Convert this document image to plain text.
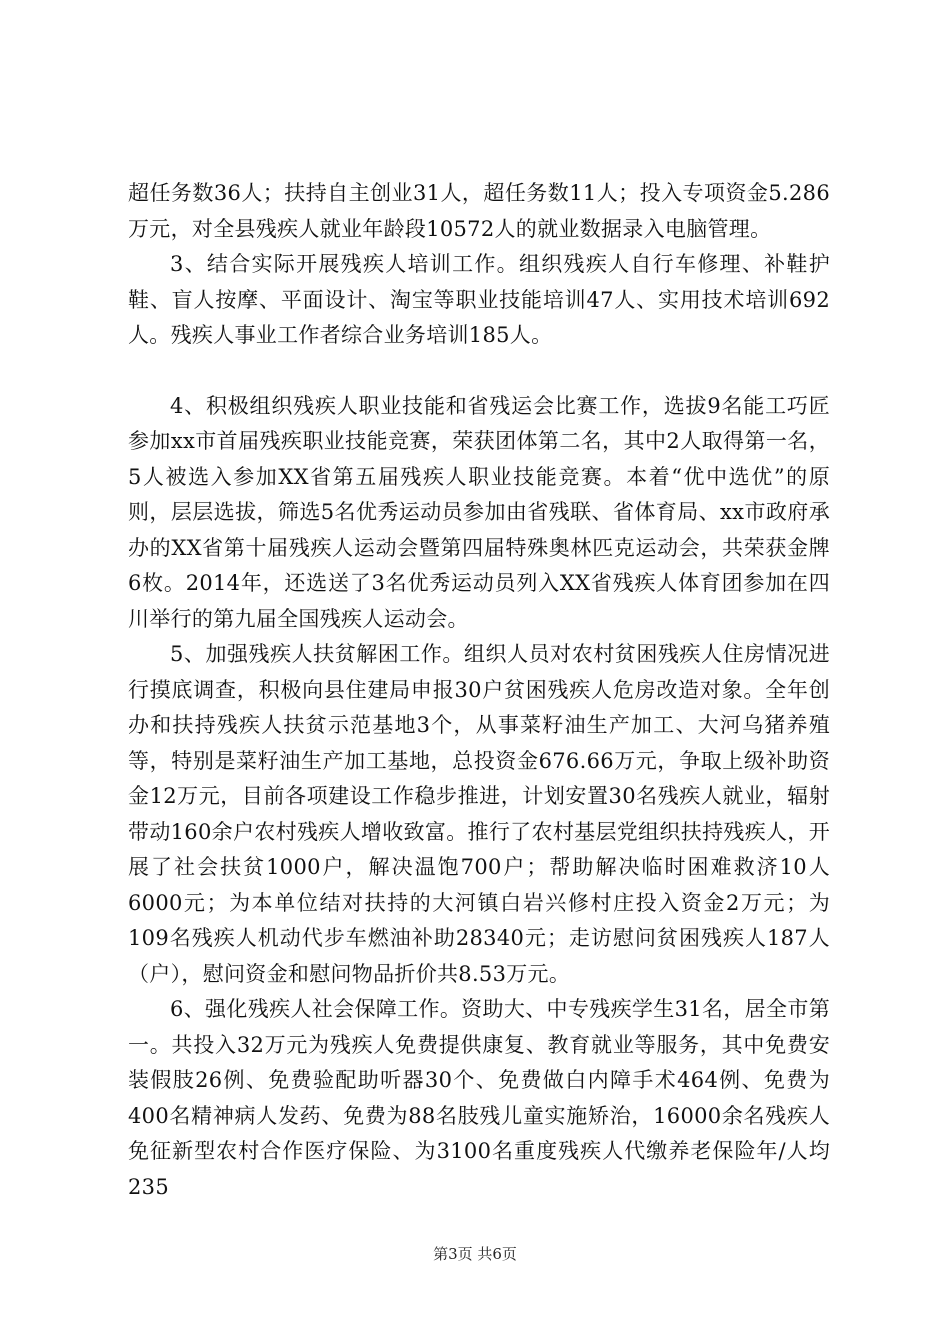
超任务数36人；扶持自主创业31人，超任务数11人；投入专项资金5.286万元，对全县残疾人就业年龄段10572人的就业数据录入电脑管理。

3、结合实际开展残疾人培训工作。组织残疾人自行车修理、补鞋护鞋、盲人按摩、平面设计、淘宝等职业技能培训47人、实用技术培训692人。残疾人事业工作者综合业务培训185人。

4、积极组织残疾人职业技能和省残运会比赛工作，选拔9名能工巧匠参加xx市首届残疾职业技能竞赛，荣获团体第二名，其中2人取得第一名，5人被选入参加XX省第五届残疾人职业技能竞赛。本着“优中选优”的原则，层层选拔，筛选5名优秀运动员参加由省残联、省体育局、xx市政府承办的XX省第十届残疾人运动会暨第四届特殊奥林匹克运动会，共荣获金牌6枚。2014年，还选送了3名优秀运动员列入XX省残疾人体育团参加在四川举行的第九届全国残疾人运动会。

5、加强残疾人扶贫解困工作。组织人员对农村贫困残疾人住房情况进行摸底调查，积极向县住建局申报30户贫困残疾人危房改造对象。全年创办和扶持残疾人扶贫示范基地3个，从事菜籽油生产加工、大河乌猪养殖等，特别是菜籽油生产加工基地，总投资金676.66万元，争取上级补助资金12万元，目前各项建设工作稳步推进，计划安置30名残疾人就业，辐射带动160余户农村残疾人增收致富。推行了农村基层党组织扶持残疾人，开展了社会扶贫1000户，解决温饱700户；帮助解决临时困难救济10人6000元；为本单位结对扶持的大河镇白岩兴修村庄投入资金2万元；为109名残疾人机动代步车燃油补助28340元；走访慰问贫困残疾人187人（户），慰问资金和慰问物品折价共8.53万元。

6、强化残疾人社会保障工作。资助大、中专残疾学生31名，居全市第一。共投入32万元为残疾人免费提供康复、教育就业等服务，其中免费安装假肢26例、免费验配助听器30个、免费做白内障手术464例、免费为400名精神病人发药、免费为88名肢残儿童实施矫治，16000余名残疾人免征新型农村合作医疗保险、为3100名重度残疾人代缴养老保险年/人均235

第3页 共6页
